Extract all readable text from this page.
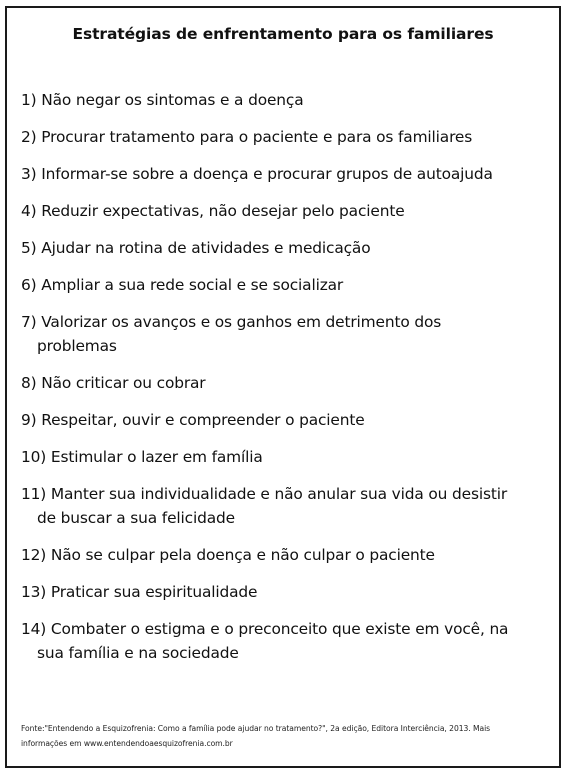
Estratégias de enfrentamento para os familiares
1) Não negar os sintomas e a doença
2) Procurar tratamento para o paciente e para os familiares
3) Informar-se sobre a doença e procurar grupos de autoajuda
4) Reduzir expectativas, não desejar pelo paciente
5) Ajudar na rotina de atividades e medicação
6) Ampliar a sua rede social e se socializar
7) Valorizar os avanços e os ganhos em detrimento dos
problemas
8) Não criticar ou cobrar
9) Respeitar, ouvir e compreender o paciente
10) Estimular o lazer em família
11) Manter sua individualidade e não anular sua vida ou desistir
de buscar a sua felicidade
12) Não se culpar pela doença e não culpar o paciente
13) Praticar sua espiritualidade
14) Combater o estigma e o preconceito que existe em você, na
sua família e na sociedade
Fonte:"Entendendo a Esquizofrenia: Como a família pode ajudar no tratamento?", 2a edição, Editora Interciência, 2013. Mais
informações em www.entendendoaesquizofrenia.com.br
